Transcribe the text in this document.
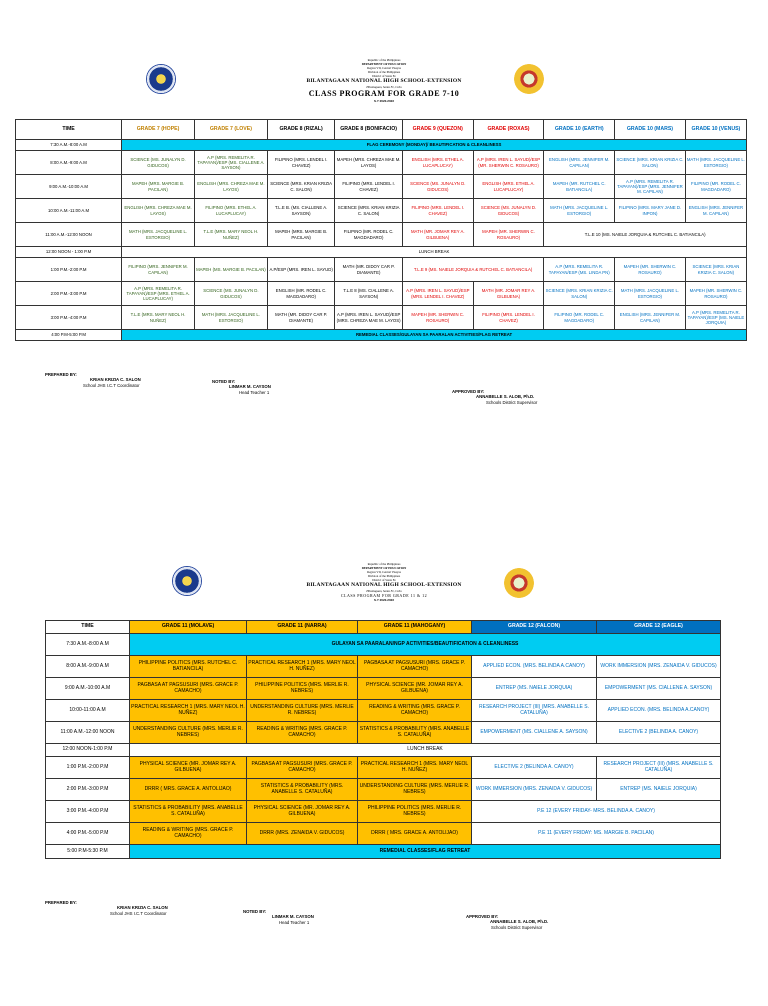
Republic of the Philippines
DEPARTMENT OF EDUCATION
Region VII, Central Visayas
Division of the Philippines
District of Santa Fe
BILANTAGAAN NATIONAL HIGH SCHOOL-EXTENSION
Hilantagaan, Santa Fe, Cebu
CLASS PROGRAM FOR GRADE 7-10
S.Y 2022-2023
TIME	GRADE 7 (HOPE)	GRADE 7 (LOVE)	GRADE 8 (RIZAL)	GRADE 8 (BONIFACIO)	GRADE 9 (QUEZON)	GRADE (ROXAS)	GRADE 10 (EARTH)	GRADE 10 (MARS)	GRADE 10 (VENUS)
7:30 A.M.-8:00 A.M	FLAG CEREMONY (MONDAY)/ BEAUTIFICATION & CLEANLINESS								
8:00 A.M.-9:00 A.M	SCIENCE (MS. JUNALYN D. GIDUCOS)	A.P (MRS. REMELITA R. TAPAYAN)/ESP (MS. CIALLENE A. SAYSON)	FILIPINO (MRS. LENDEL I. CHAVEZ)	MAPEH (MRS. CHREZA MAE M. LAYOS)	ENGLISH (MRS. ETHEL A. LUCAPLUCAY)	A.P (MRS. IREN L. SAYUD)/ESP (MR. SHERWIN C. ROSAURO)	ENGLISH (MRS. JENNIFER M. CAPILAN)	SCIENCE (MRS. KRIAN KRIZIA C. SALON)	MATH (MRS. JACQUELINE L. ESTORGIO)
9:00 A.M.-10:00 A.M	MAPEH (MRS. MARGIE B. PACILAN)	ENGLISH (MRS. CHREZA MAE M. LAYOS)	SCIENCE (MRS. KRIAN KRIZIA C. SALON)	FILIPINO (MRS. LENDEL I. CHAVEZ)	SCIENCE (MS. JUNALYN D. GIDUCOS)	ENGLISH (MRS. ETHEL A. LUCAPLUCAY)	MAPEH (MR. RUTCHEL C. BATIANCILA)	A.P (MRS. REMELITA R. TAPAYAN)/ESP (MRS. JENNIFER M. CAPILAN)	FILIPINO (MR. RODEL C. MAGDADARO)
10:00 A.M.-11:00 A.M	ENGLISH (MRS. CHREZA MAE M. LAYOS)	FILIPINO (MRS. ETHEL A. LUCAPLUCAY)	T.L.E B. (MS. CIALLENE A. SAYSON)	SCIENCE (MRS. KRIAN KRIZIA C. SALON)	FILIPINO (MRS. LENDEL I. CHAVEZ)	SCIENCE (MS. JUNALYN D. GIDUCOS)	MATH (MRS. JACQUELINE L. ESTORGIO)	FILIPINO (MRS. MARY JANE D. INPON)	ENGLISH (MRS. JENNIFER M. CAPILAN)
11:00 A.M.-12:00 NOON	MATH (MRS. JACQUELINE L. ESTORGIO)	T.L.E (MRS. MARY NEOL H. NUÑEZ)	MAPEH (MRS. MARGIE B. PACILAN)	FILIPINO (MR. RODEL C. MAGDADARO)	MATH (MR. JOMAR REY A. GILBUENA)	MAPEH (MR. SHERWIN C. ROSAURO)	T.L.E 10 (MS. NAIELE JORQUIA & RUTCHEL C. BATIANCILA)		
12:00 NOON - 1:00 P.M	LUNCH BREAK								
1:00 P.M.-2:00 P.M	FILIPINO (MRS. JENNIFER M. CAPILAN)	MAPEH (MS. MARGIE B. PACILAN)	A.P/ESP (MRS. IREN L. SAYUD)	MATH (MR. DIDOY CAR P. DIAMANTE)	T.L.E 9 (MS. NAIELE JORQUIA & RUTCHEL C. BATIANCILA)		A.P (MRS. REMELITA R. TAPAYAN/ESP (MS. LINDA PN)	MAPEH (MR. SHERWIN C. ROSAURO)	SCIENCE (MRS. KRIAN KRIZIA C. SALON)
2:00 P.M.-3:00 P.M	A.P (MRS. REMELITA R. TAPAYAN)/ESP (MRS. ETHEL A. LUCAPLUCAY)	SCIENCE (MS. JUNALYN D. GIDUCOS)	ENGLISH (MR. RODEL C. MAGDADARO)	T.L.E 8 (MS. CIALLENE A. SAYSON)	A.P (MRS. IREN L. SAYUD)/ESP (MRS. LENDEL I. CHAVEZ)	MATH (MR. JOMAR REY A. GILBUENA)	SCIENCE (MRS. KRIAN KRIZIA C. SALON)	MATH (MRS. JACQUELINE L. ESTORGIO)	MAPEH (MR. SHERWIN C. ROSAURO)
3:00 P.M.-4:00 P.M	T.L.E (MRS. MARY NEOL H. NUÑEZ)	MATH (MRS. JACQUELINE L. ESTORGIO)	MATH (MR. DIDOY CAR P. DIAMANTE)	A.P (MRS. IREN L. SAYUD)/ESP (MRS. CHREZA MAE M. LAYOS)	MAPEH (MR. SHERWIN C. ROSAURO)	FILIPINO (MRS. LENDEL I. CHAVEZ)	FILIPINO (MR. RODEL C. MAGDADARO)	ENGLISH (MRS. JENNIFER M. CAPILAN)	A.P (MRS. REMELITA R. TAPAYAN)/ESP (MS. NAIELE JORQUIA)
4:00 P.M-5:00 P.M	REMEDIAL CLASSES/GULAYAN SA PAARALAN ACTIVITIES/FLAG RETREAT								
PREPARED BY:
KRIAN KRIZIA C. SALON
School JHS I.C.T Coordinator
NOTED BY:
LINMAR M. CAYSON
Head Teacher 1	APPROVED BY:
ANNABELLE S. ALOB, Ph.D.
Schools District Supervisor
Republic of the Philippines
DEPARTMENT OF EDUCATION
Region VII, Central Visayas
Division of the Philippines
District of Santa Fe
BILANTAGAAN NATIONAL HIGH SCHOOL-EXTENSION
Hilantagaan, Santa Fe, Cebu
CLASS PROGRAM FOR GRADE 11 & 12
S.Y 2022-2023
TIME	GRADE 11 (MOLAVE)	GRADE 11 (NARRA)	GRADE 11 (MAHOGANY)	GRADE 12 (FALCON)	GRADE 12 (EAGLE)
7:30 A.M.-8:00 A.M	GULAYAN SA PAARALAN/NGP ACTIVITIES/BEAUTIFICATION & CLEANLINESS				
8:00 A.M.-9:00 A.M	PHILIPPINE POLITICS (MRS. RUTCHEL C. BATIANCILA)	PRACTICAL RESEARCH 1 (MRS. MARY NEOL H. NUÑEZ)	PAGBASA AT PAGSUSURI (MRS. GRACE P. CAMACHO)	APPLIED ECON. (MRS. BELINDA A.CANOY)	WORK IMMERSION (MRS. ZENAIDA V. GIDUCOS)
9:00 A.M.-10:00 A.M	PAGBASA AT PAGSUSURI (MRS. GRACE P. CAMACHO)	PHILIPPINE POLITICS (MRS. MERLIE R. NEBRES)	PHYSICAL SCIENCE (MR. JOMAR REY A. GILBUENA)	ENTREP (MS. NAIELE JORQUIA)	EMPOWERMENT (MS. CIALLENE A. SAYSON)
10:00-11:00 A.M	PRACTICAL RESEARCH 1 (MRS. MARY NEOL H. NUÑEZ)	UNDERSTANDING CULTURE (MRS. MERLIE R. NEBRES)	READING & WRITING (MRS. GRACE P. CAMACHO)	RESEARCH PROJECT (III) (MRS. ANABELLE S. CATALUÑA)	APPLIED ECON. (MRS. BELINDA A.CANOY)
11:00 A.M.-12:00 NOON	UNDERSTANDING CULTURE (MRS. MERLIE R. NEBRES)	READING & WRITING (MRS. GRACE P. CAMACHO)	STATISTICS & PROBABILITY (MRS. ANABELLE S. CATALUÑA)	EMPOWERMENT (MS. CIALLENE A. SAYSON)	ELECTIVE 2 (BELINDA A. CANOY)
12:00 NOON-1:00 P.M	LUNCH BREAK				
1:00 P.M.-2:00 P.M	PHYSICAL SCIENCE (MR. JOMAR REY A. GILBUENA)	PAGBASA AT PAGSUSURI (MRS. GRACE P. CAMACHO)	PRACTICAL RESEARCH 1 (MRS. MARY NEOL H. NUÑEZ)	ELECTIVE 2 (BELINDA A. CANOY)	RESEARCH PROJECT (III) (MRS. ANABELLE S. CATALUÑA)
2:00 P.M.-3:00 P.M	DRRR ( MRS. GRACE A. ANTOLIJAO)	STATISTICS & PROBABILITY (MRS. ANABELLE S. CATALUÑA)	UNDERSTANDING CULTURE (MRS. MERLIE R. NEBRES)	WORK IMMERSION (MRS. ZENAIDA V. GIDUCOS)	ENTREP (MS. NAIELE JORQUIA)
3:00 P.M.-4:00 P.M	STATISTICS & PROBABILITY (MRS. ANABELLE S. CATALUÑA)	PHYSICAL SCIENCE (MR. JOMAR REY A. GILBUENA)	PHILIPPINE POLITICS (MRS. MERLIE R. NEBRES)	P.E 12 (EVERY FRIDAY- MRS. BELINDA A. CANOY)	
4:00 P.M.-5:00 P.M	READING & WRITING (MRS. GRACE P. CAMACHO)	DRRR (MRS. ZENAIDA V. GIDUCOS)	DRRR ( MRS. GRACE A. ANTOLIJAO)	P.E 11 (EVERY FRIDAY: MS. MARGIE B. PACILAN)	
5:00 P.M-5:30 P.M	REMEDIAL CLASSES/FLAG RETREAT				
PREPARED BY:
KRIAN KRIZIA C. SALON
School JHS I.C.T Coordinator	NOTED BY:
LINMAR M. CAYSON
Head Teacher 1
APPROVED BY:
ANNABELLE S. ALOB, Ph.D.
Schools District Supervisor
